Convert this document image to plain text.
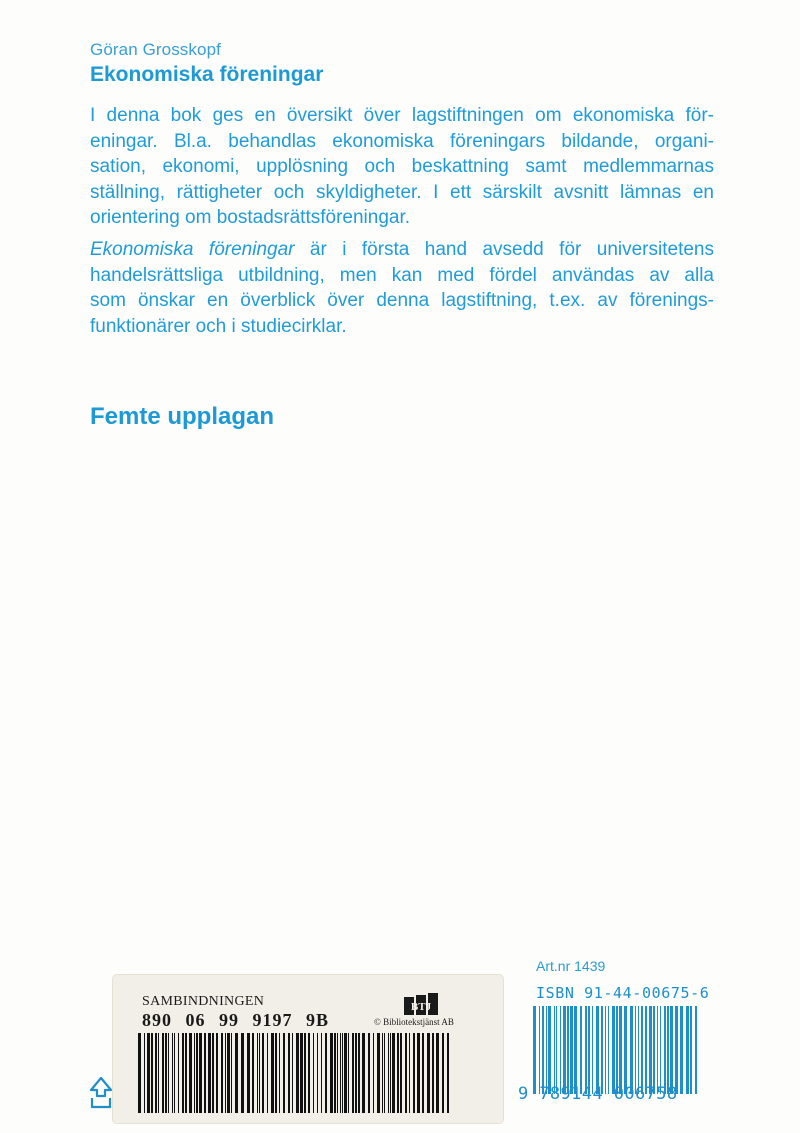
Göran Grosskopf
Ekonomiska föreningar
I denna bok ges en översikt över lagstiftningen om ekonomiska för-
eningar. Bl.a. behandlas ekonomiska föreningars bildande, organi-
sation, ekonomi, upplösning och beskattning samt medlemmarnas
ställning, rättigheter och skyldigheter. I ett särskilt avsnitt lämnas en
orientering om bostadsrättsföreningar.
Ekonomiska föreningar är i första hand avsedd för universitetens
handelsrättsliga utbildning, men kan med fördel användas av alla
som önskar en överblick över denna lagstiftning, t.ex. av förenings-
funktionärer och i studiecirklar.
Femte upplagan
SAMBINDNINGEN
890 06 99 9197 9B
BTJ
© Bibliotekstjänst AB
Art.nr 1439
ISBN 91-44-00675-6
9 789144 006758
